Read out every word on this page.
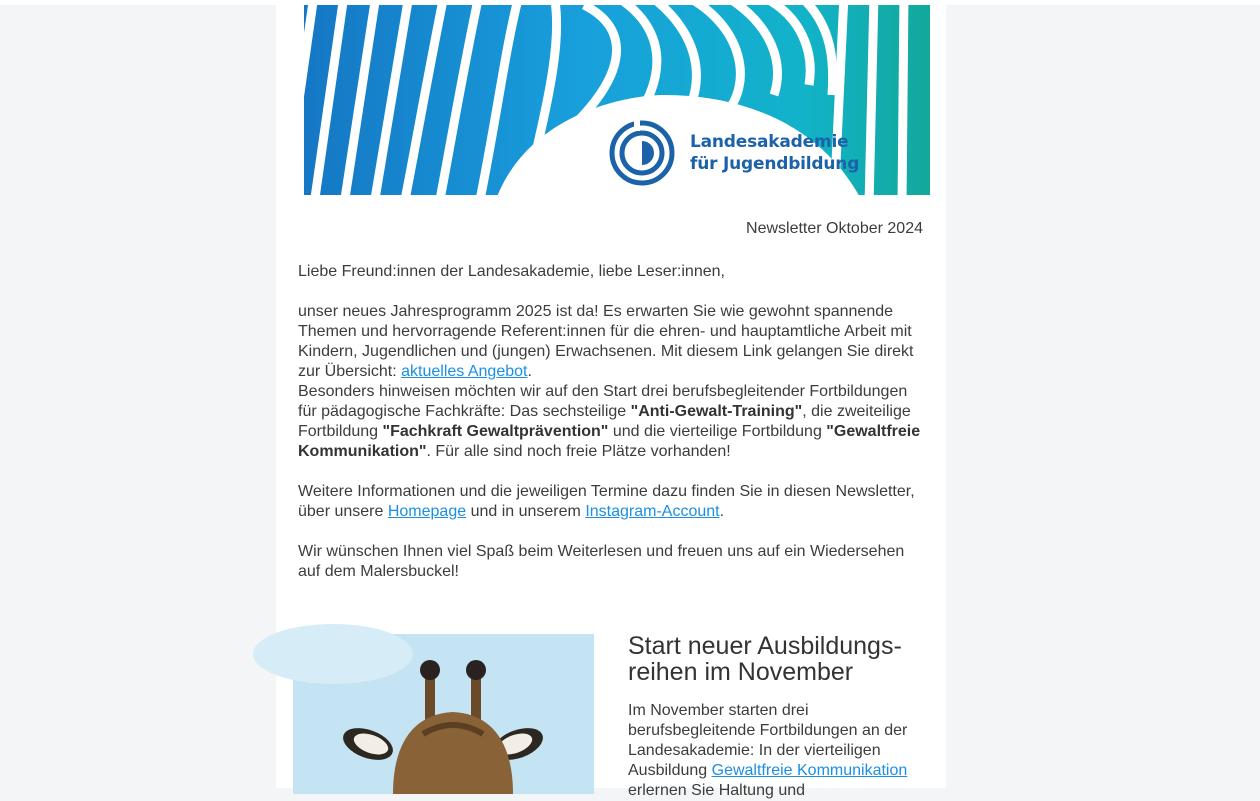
Landesakademie
für Jugendbildung
Newsletter Oktober 2024

Liebe Freund:innen der Landesakademie, liebe Leser:innen,

unser neues Jahresprogramm 2025 ist da! Es erwarten Sie wie gewohnt spannende Themen und hervorragende Referent:innen für die ehren- und hauptamtliche Arbeit mit Kindern, Jugendlichen und (jungen) Erwachsenen. Mit diesem Link gelangen Sie direkt zur Übersicht: aktuelles Angebot.

Besonders hinweisen möchten wir auf den Start drei berufsbegleitender Fortbildungen für pädagogische Fachkräfte: Das sechsteilige "Anti-Gewalt-Training", die zweiteilige Fortbildung "Fachkraft Gewaltprävention" und die vierteilige Fortbildung "Gewaltfreie Kommunikation". Für alle sind noch freie Plätze vorhanden!

Weitere Informationen und die jeweiligen Termine dazu finden Sie in diesen Newsletter, über unsere Homepage und in unserem Instagram-Account.

Wir wünschen Ihnen viel Spaß beim Weiterlesen und freuen uns auf ein Wiedersehen auf dem Malersbuckel!

Start neuer Ausbildungs-reihen im November
Im November starten drei berufsbegleitende Fortbildungen an der Landesakademie: In der vierteiligen Ausbildung Gewaltfreie Kommunikation erlernen Sie Haltung und
